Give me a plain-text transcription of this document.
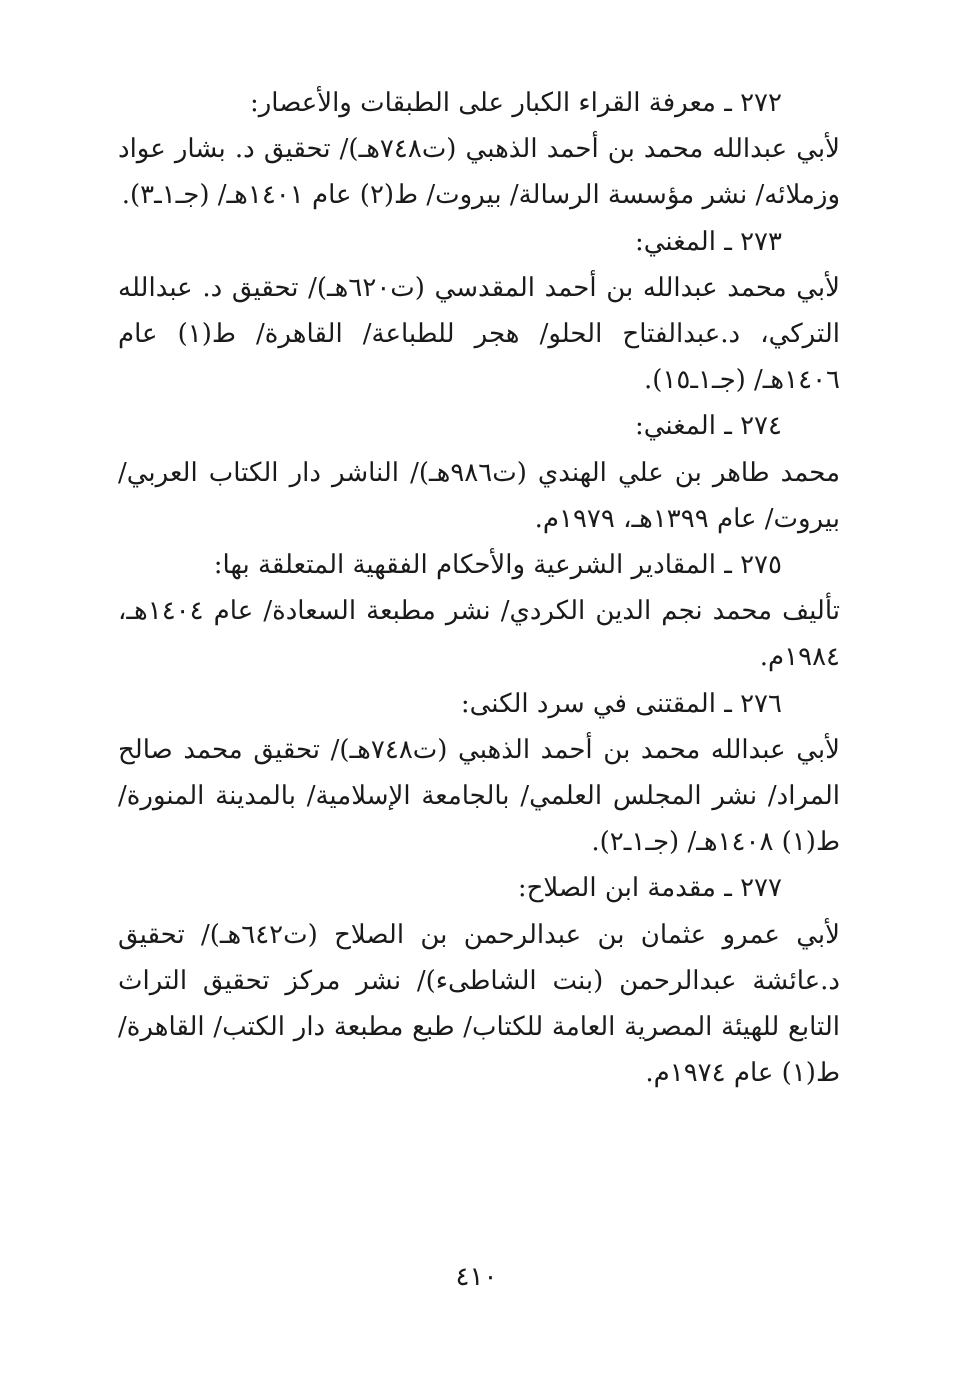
٢٧٢ ـ معرفة القراء الكبار على الطبقات والأعصار:

لأبي عبدالله محمد بن أحمد الذهبي (ت٧٤٨هـ)/ تحقيق د. بشار عواد وزملائه/ نشر مؤسسة الرسالة/ بيروت/ ط(٢) عام ١٤٠١هـ/ (جـ١ـ٣).

٢٧٣ ـ المغني:

لأبي محمد عبدالله بن أحمد المقدسي (ت٦٢٠هـ)/ تحقيق د. عبدالله التركي، د.عبدالفتاح الحلو/ هجر للطباعة/ القاهرة/ ط(١) عام ١٤٠٦هـ/ (جـ١ـ١٥).

٢٧٤ ـ المغني:

محمد طاهر بن علي الهندي (ت٩٨٦هـ)/ الناشر دار الكتاب العربي/ بيروت/ عام ١٣٩٩هـ، ١٩٧٩م.

٢٧٥ ـ المقادير الشرعية والأحكام الفقهية المتعلقة بها:

تأليف محمد نجم الدين الكردي/ نشر مطبعة السعادة/ عام ١٤٠٤هـ، ١٩٨٤م.

٢٧٦ ـ المقتنى في سرد الكنى:

لأبي عبدالله محمد بن أحمد الذهبي (ت٧٤٨هـ)/ تحقيق محمد صالح المراد/ نشر المجلس العلمي/ بالجامعة الإسلامية/ بالمدينة المنورة/ ط(١) ١٤٠٨هـ/ (جـ١ـ٢).

٢٧٧ ـ مقدمة ابن الصلاح:

لأبي عمرو عثمان بن عبدالرحمن بن الصلاح (ت٦٤٢هـ)/ تحقيق د.عائشة عبدالرحمن (بنت الشاطىء)/ نشر مركز تحقيق التراث التابع للهيئة المصرية العامة للكتاب/ طبع مطبعة دار الكتب/ القاهرة/ ط(١) عام ١٩٧٤م.

٤١٠
